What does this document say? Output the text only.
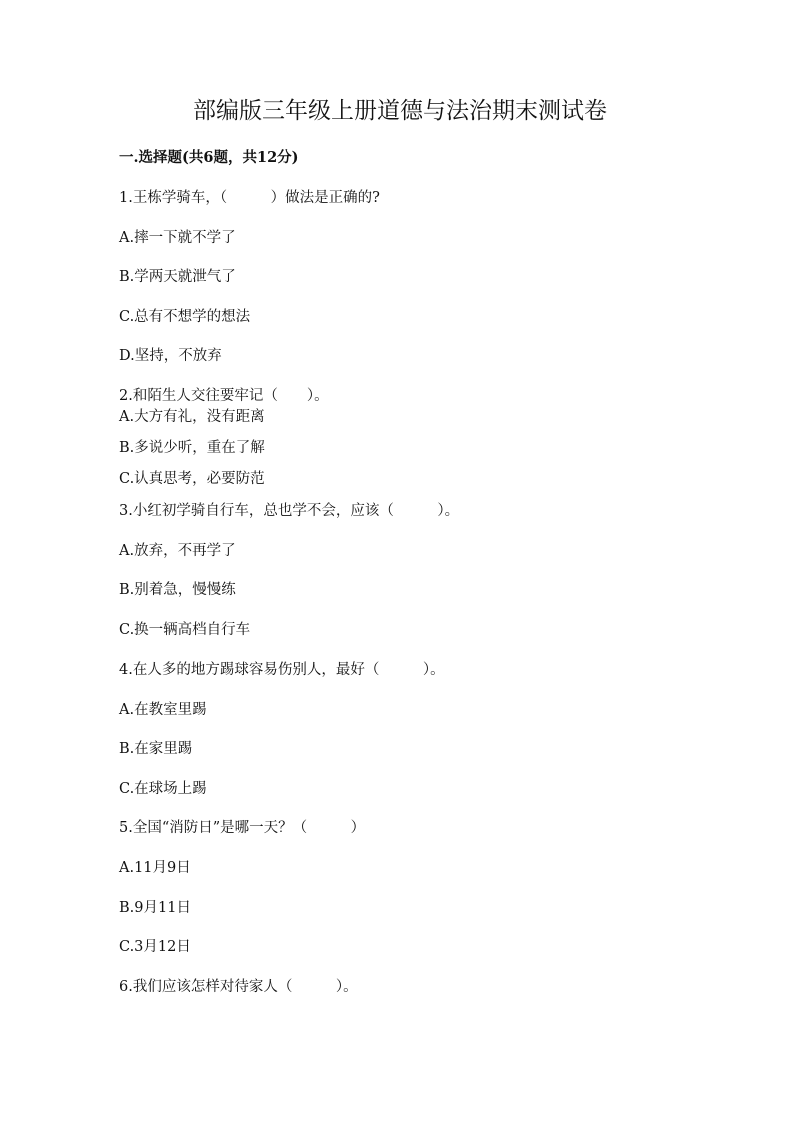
部编版三年级上册道德与法治期末测试卷
一.选择题(共6题，共12分)
1.王栋学骑车，（　　　）做法是正确的?
A.摔一下就不学了
B.学两天就泄气了
C.总有不想学的想法
D.坚持，不放弃
2.和陌生人交往要牢记（　　）。
A.大方有礼，没有距离
B.多说少听，重在了解
C.认真思考，必要防范
3.小红初学骑自行车，总也学不会，应该（　　　）。
A.放弃，不再学了
B.别着急，慢慢练
C.换一辆高档自行车
4.在人多的地方踢球容易伤别人，最好（　　　）。
A.在教室里踢
B.在家里踢
C.在球场上踢
5.全国“消防日”是哪一天？（　　　）
A.11月9日
B.9月11日
C.3月12日
6.我们应该怎样对待家人（　　　）。
